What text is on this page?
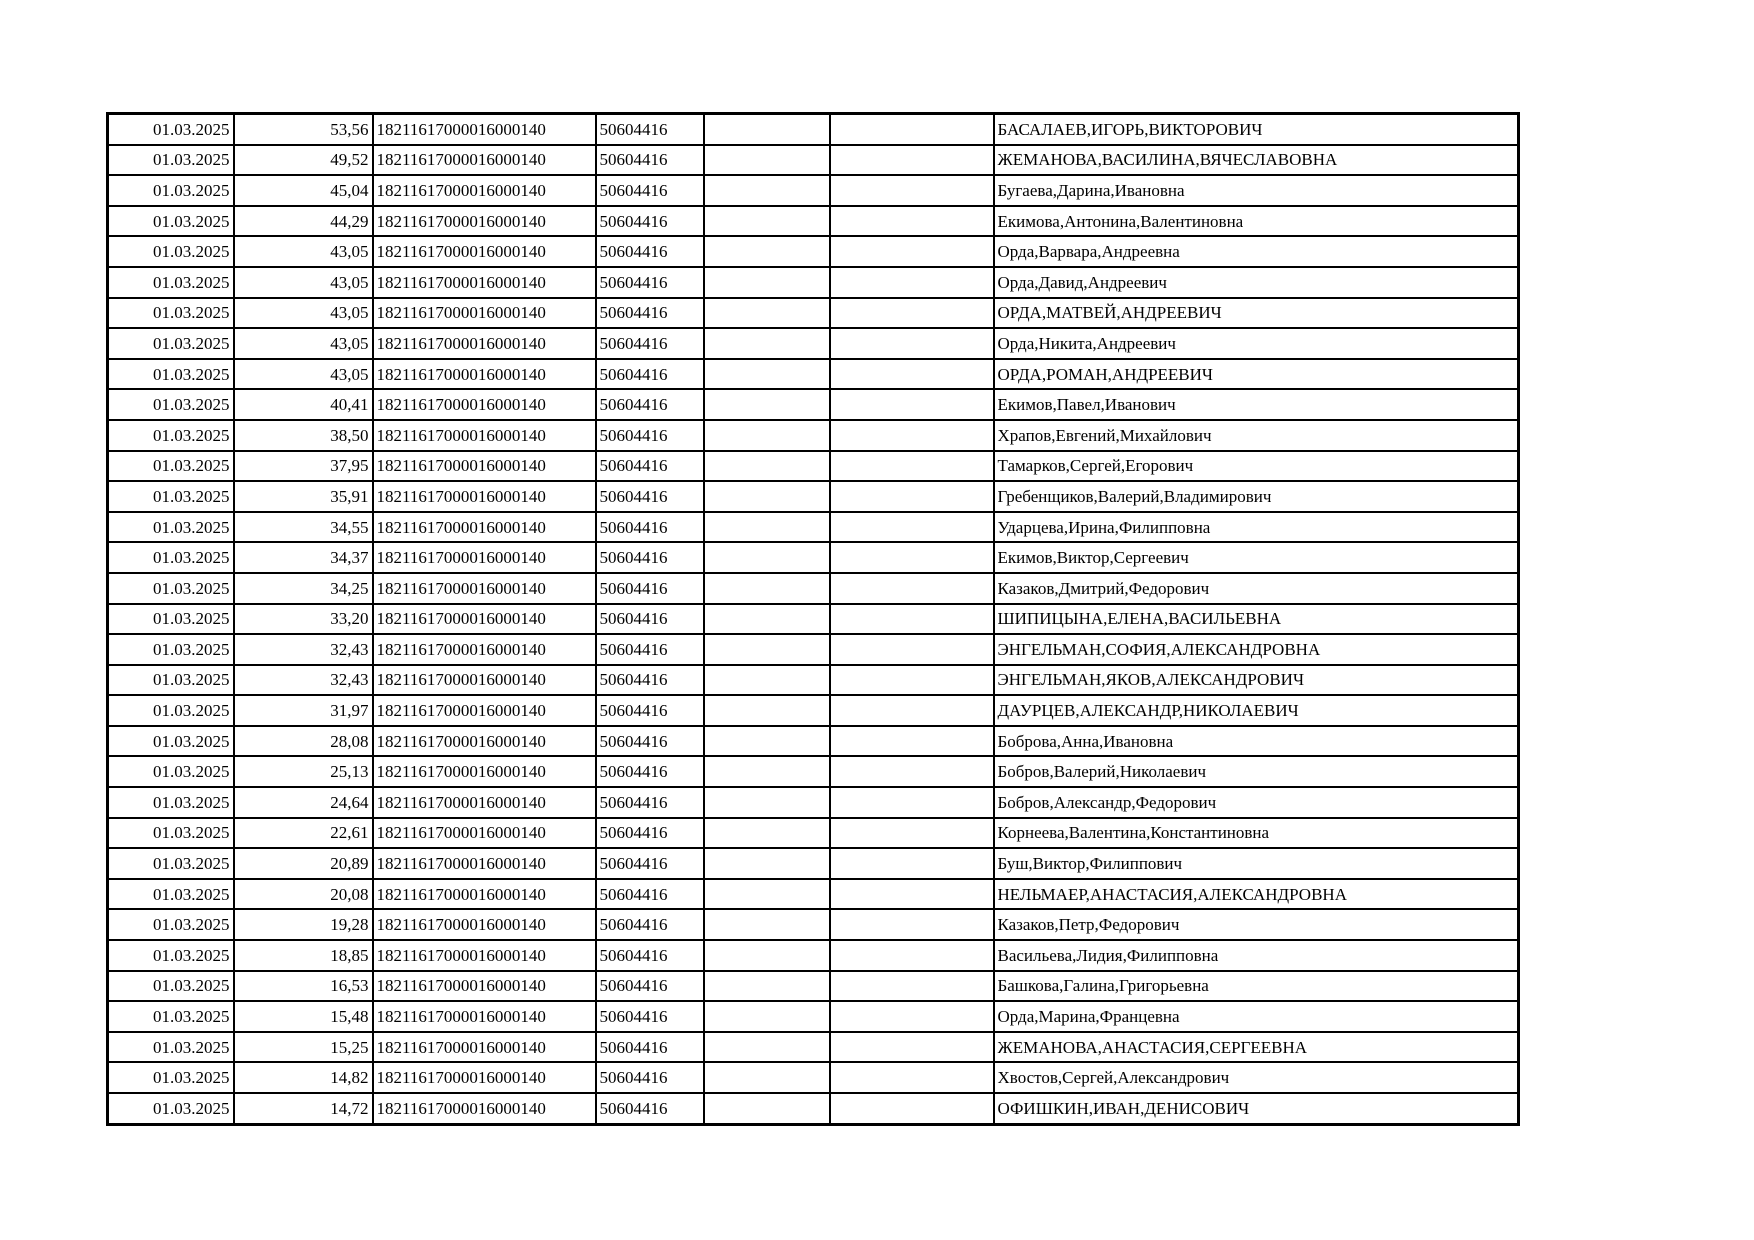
01.03.2025	53,56	18211617000016000140	50604416			БАСАЛАЕВ,ИГОРЬ,ВИКТОРОВИЧ
01.03.2025	49,52	18211617000016000140	50604416			ЖЕМАНОВА,ВАСИЛИНА,ВЯЧЕСЛАВОВНА
01.03.2025	45,04	18211617000016000140	50604416			Бугаева,Дарина,Ивановна
01.03.2025	44,29	18211617000016000140	50604416			Екимова,Антонина,Валентиновна
01.03.2025	43,05	18211617000016000140	50604416			Орда,Варвара,Андреевна
01.03.2025	43,05	18211617000016000140	50604416			Орда,Давид,Андреевич
01.03.2025	43,05	18211617000016000140	50604416			ОРДА,МАТВЕЙ,АНДРЕЕВИЧ
01.03.2025	43,05	18211617000016000140	50604416			Орда,Никита,Андреевич
01.03.2025	43,05	18211617000016000140	50604416			ОРДА,РОМАН,АНДРЕЕВИЧ
01.03.2025	40,41	18211617000016000140	50604416			Екимов,Павел,Иванович
01.03.2025	38,50	18211617000016000140	50604416			Храпов,Евгений,Михайлович
01.03.2025	37,95	18211617000016000140	50604416			Тамарков,Сергей,Егорович
01.03.2025	35,91	18211617000016000140	50604416			Гребенщиков,Валерий,Владимирович
01.03.2025	34,55	18211617000016000140	50604416			Ударцева,Ирина,Филипповна
01.03.2025	34,37	18211617000016000140	50604416			Екимов,Виктор,Сергеевич
01.03.2025	34,25	18211617000016000140	50604416			Казаков,Дмитрий,Федорович
01.03.2025	33,20	18211617000016000140	50604416			ШИПИЦЫНА,ЕЛЕНА,ВАСИЛЬЕВНА
01.03.2025	32,43	18211617000016000140	50604416			ЭНГЕЛЬМАН,СОФИЯ,АЛЕКСАНДРОВНА
01.03.2025	32,43	18211617000016000140	50604416			ЭНГЕЛЬМАН,ЯКОВ,АЛЕКСАНДРОВИЧ
01.03.2025	31,97	18211617000016000140	50604416			ДАУРЦЕВ,АЛЕКСАНДР,НИКОЛАЕВИЧ
01.03.2025	28,08	18211617000016000140	50604416			Боброва,Анна,Ивановна
01.03.2025	25,13	18211617000016000140	50604416			Бобров,Валерий,Николаевич
01.03.2025	24,64	18211617000016000140	50604416			Бобров,Александр,Федорович
01.03.2025	22,61	18211617000016000140	50604416			Корнеева,Валентина,Константиновна
01.03.2025	20,89	18211617000016000140	50604416			Буш,Виктор,Филиппович
01.03.2025	20,08	18211617000016000140	50604416			НЕЛЬМАЕР,АНАСТАСИЯ,АЛЕКСАНДРОВНА
01.03.2025	19,28	18211617000016000140	50604416			Казаков,Петр,Федорович
01.03.2025	18,85	18211617000016000140	50604416			Васильева,Лидия,Филипповна
01.03.2025	16,53	18211617000016000140	50604416			Башкова,Галина,Григорьевна
01.03.2025	15,48	18211617000016000140	50604416			Орда,Марина,Францевна
01.03.2025	15,25	18211617000016000140	50604416			ЖЕМАНОВА,АНАСТАСИЯ,СЕРГЕЕВНА
01.03.2025	14,82	18211617000016000140	50604416			Хвостов,Сергей,Александрович
01.03.2025	14,72	18211617000016000140	50604416			ОФИШКИН,ИВАН,ДЕНИСОВИЧ
